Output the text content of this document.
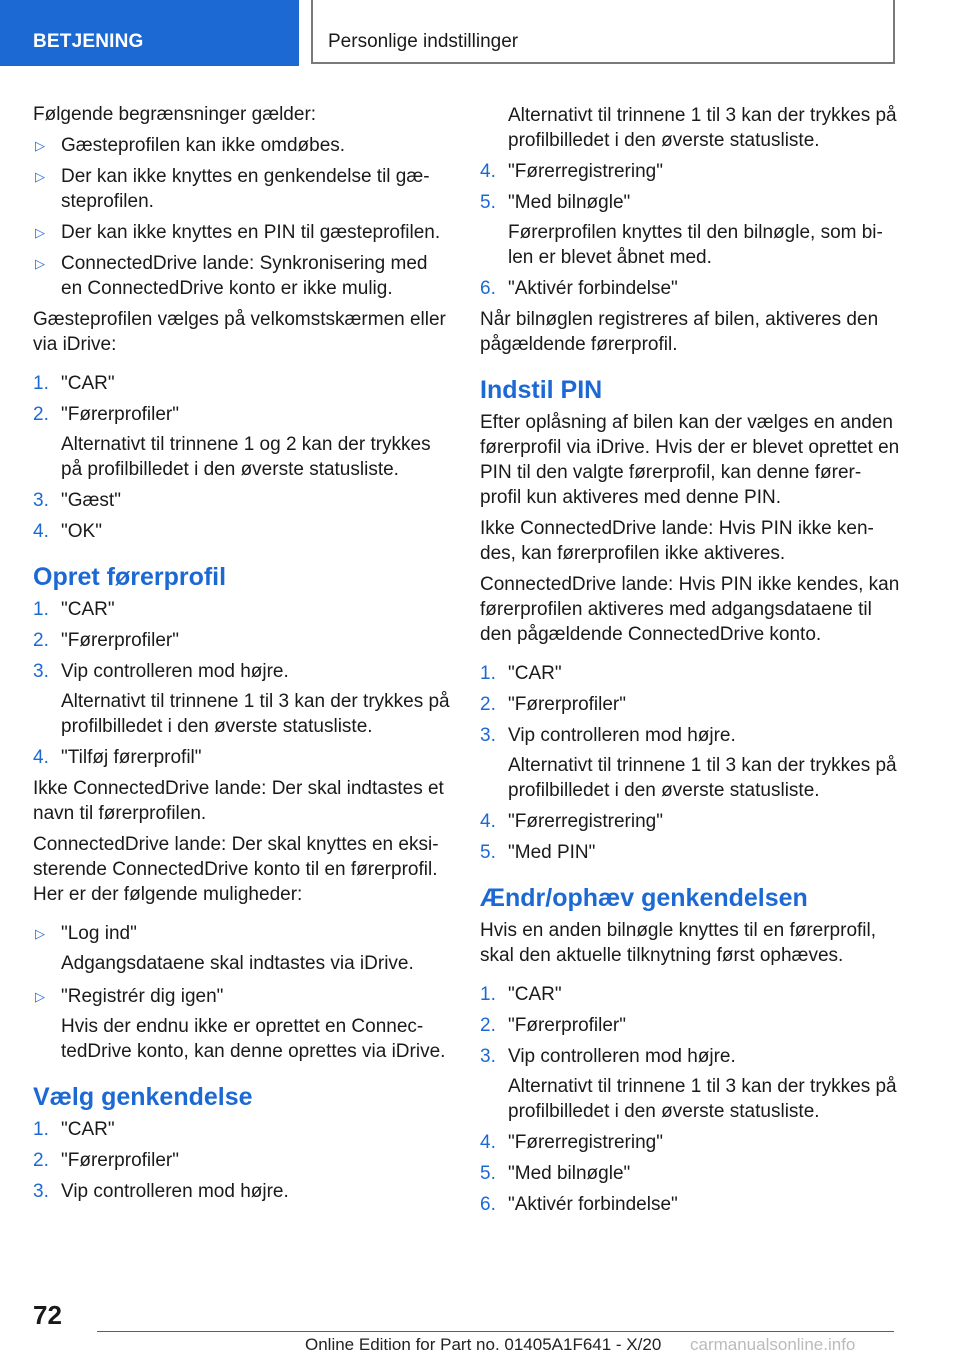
BETJENING	Personlige indstillinger

Følgende begrænsninger gælder:

▷ Gæsteprofilen kan ikke omdøbes.
▷ Der kan ikke knyttes en genkendelse til gæ-steprofilen.
▷ Der kan ikke knyttes en PIN til gæsteprofilen.
▷ ConnectedDrive lande: Synkronisering med en ConnectedDrive konto er ikke mulig.

Gæsteprofilen vælges på velkomstskærmen eller via iDrive:

1. "CAR"
2. "Førerprofiler"

Alternativt til trinnene 1 og 2 kan der trykkes på profilbilledet i den øverste statusliste.

3. "Gæst"
4. "OK"
Opret førerprofil
1. "CAR"
2. "Førerprofiler"
3. Vip controlleren mod højre.

Alternativt til trinnene 1 til 3 kan der trykkes på profilbilledet i den øverste statusliste.

4. "Tilføj førerprofil"

Ikke ConnectedDrive lande: Der skal indtastes et navn til førerprofilen.

ConnectedDrive lande: Der skal knyttes en eksi-sterende ConnectedDrive konto til en førerprofil. Her er der følgende muligheder:

▷ "Log ind"

Adgangsdataene skal indtastes via iDrive.

▷ "Registrér dig igen"

Hvis der endnu ikke er oprettet en Connec-tedDrive konto, kan denne oprettes via iDrive.

Vælg genkendelse
1. "CAR"
2. "Førerprofiler"
3. Vip controlleren mod højre.

Alternativt til trinnene 1 til 3 kan der trykkes på profilbilledet i den øverste statusliste.

4. "Førerregistrering"
5. "Med bilnøgle"

Førerprofilen knyttes til den bilnøgle, som bi-len er blevet åbnet med.

6. "Aktivér forbindelse"

Når bilnøglen registreres af bilen, aktiveres den pågældende førerprofil.

Indstil PIN

Efter oplåsning af bilen kan der vælges en anden førerprofil via iDrive. Hvis der er blevet oprettet en PIN til den valgte førerprofil, kan denne fører-profil kun aktiveres med denne PIN.

Ikke ConnectedDrive lande: Hvis PIN ikke ken-des, kan førerprofilen ikke aktiveres.

ConnectedDrive lande: Hvis PIN ikke kendes, kan førerprofilen aktiveres med adgangsdataene til den pågældende ConnectedDrive konto.

1. "CAR"
2. "Førerprofiler"
3. Vip controlleren mod højre.

Alternativt til trinnene 1 til 3 kan der trykkes på profilbilledet i den øverste statusliste.

4. "Førerregistrering"
5. "Med PIN"
Ændr/ophæv genkendelsen

Hvis en anden bilnøgle knyttes til en førerprofil, skal den aktuelle tilknytning først ophæves.

1. "CAR"
2. "Førerprofiler"
3. Vip controlleren mod højre.

Alternativt til trinnene 1 til 3 kan der trykkes på profilbilledet i den øverste statusliste.

4. "Førerregistrering"
5. "Med bilnøgle"
6. "Aktivér forbindelse"
72
Online Edition for Part no. 01405A1F641 - X/20 carmanualsonline.info
